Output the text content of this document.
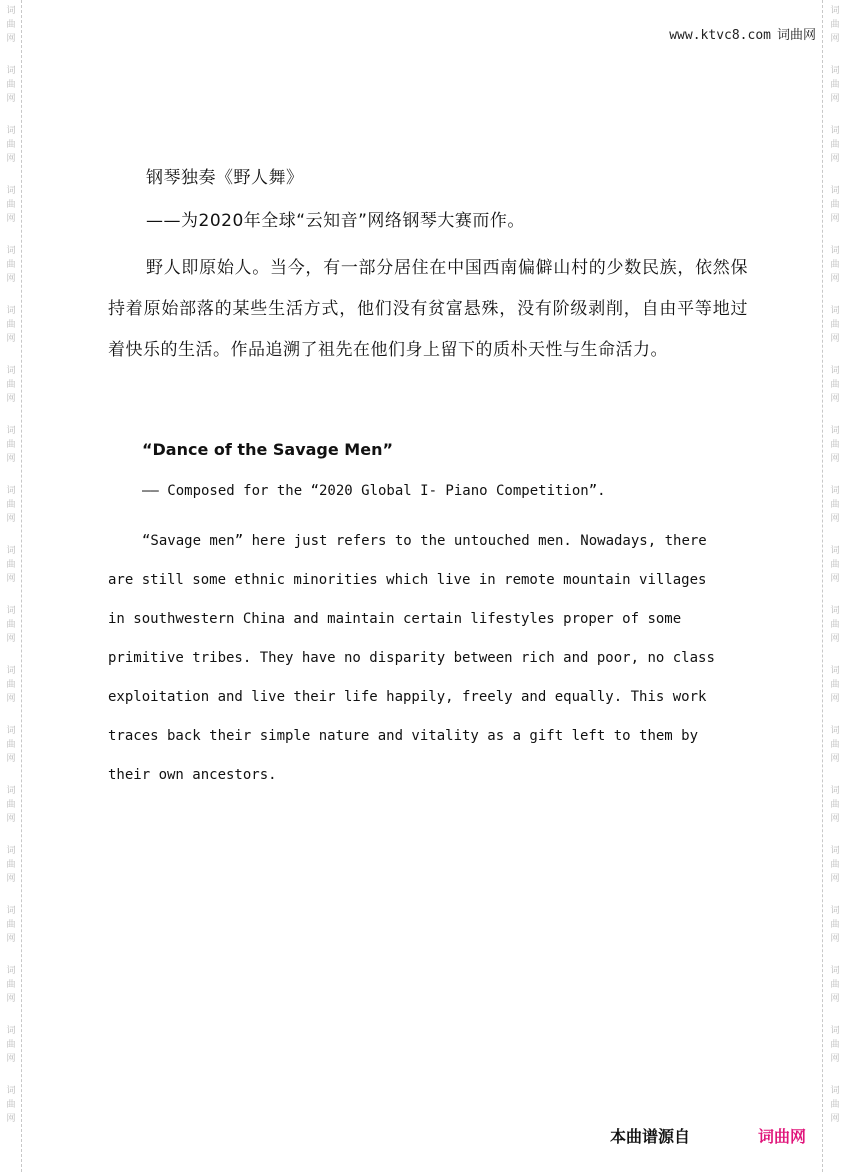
词
曲
网
词
曲
网
词
曲
网
词
曲
网
词
曲
网
词
曲
网
词
曲
网
词
曲
网
词
曲
网
词
曲
网
词
曲
网
词
曲
网
词
曲
网
词
曲
网
词
曲
网
词
曲
网
词
曲
网
词
曲
网
词
曲
网
词
曲
网
词
曲
网
词
曲
网
词
曲
网
词
曲
网
词
曲
网
词
曲
网
词
曲
网
词
曲
网
词
曲
网
词
曲
网
词
曲
网
词
曲
网
词
曲
网
词
曲
网
词
曲
网
词
曲
网
词
曲
网
词
曲
网
www.ktvc8.com 词曲网
钢琴独奏《野人舞》
——为2020年全球“云知音”网络钢琴大赛而作。
野人即原始人。当今，有一部分居住在中国西南偏僻山村的少数民族，依然保持着原始部落的某些生活方式，他们没有贫富悬殊，没有阶级剥削，自由平等地过着快乐的生活。作品追溯了祖先在他们身上留下的质朴天性与生命活力。
“Dance of the Savage Men”
—— Composed for the “2020 Global I- Piano Competition”.
“Savage men” here just refers to the untouched men. Nowadays, there
are still some ethnic minorities which live in remote mountain villages
in southwestern China and maintain certain lifestyles proper of some
primitive tribes. They have no disparity between rich and poor, no class
exploitation and live their life happily, freely and equally. This work
traces back their simple nature and vitality as a gift left to them by
their own ancestors.
本曲谱源自	词曲网
